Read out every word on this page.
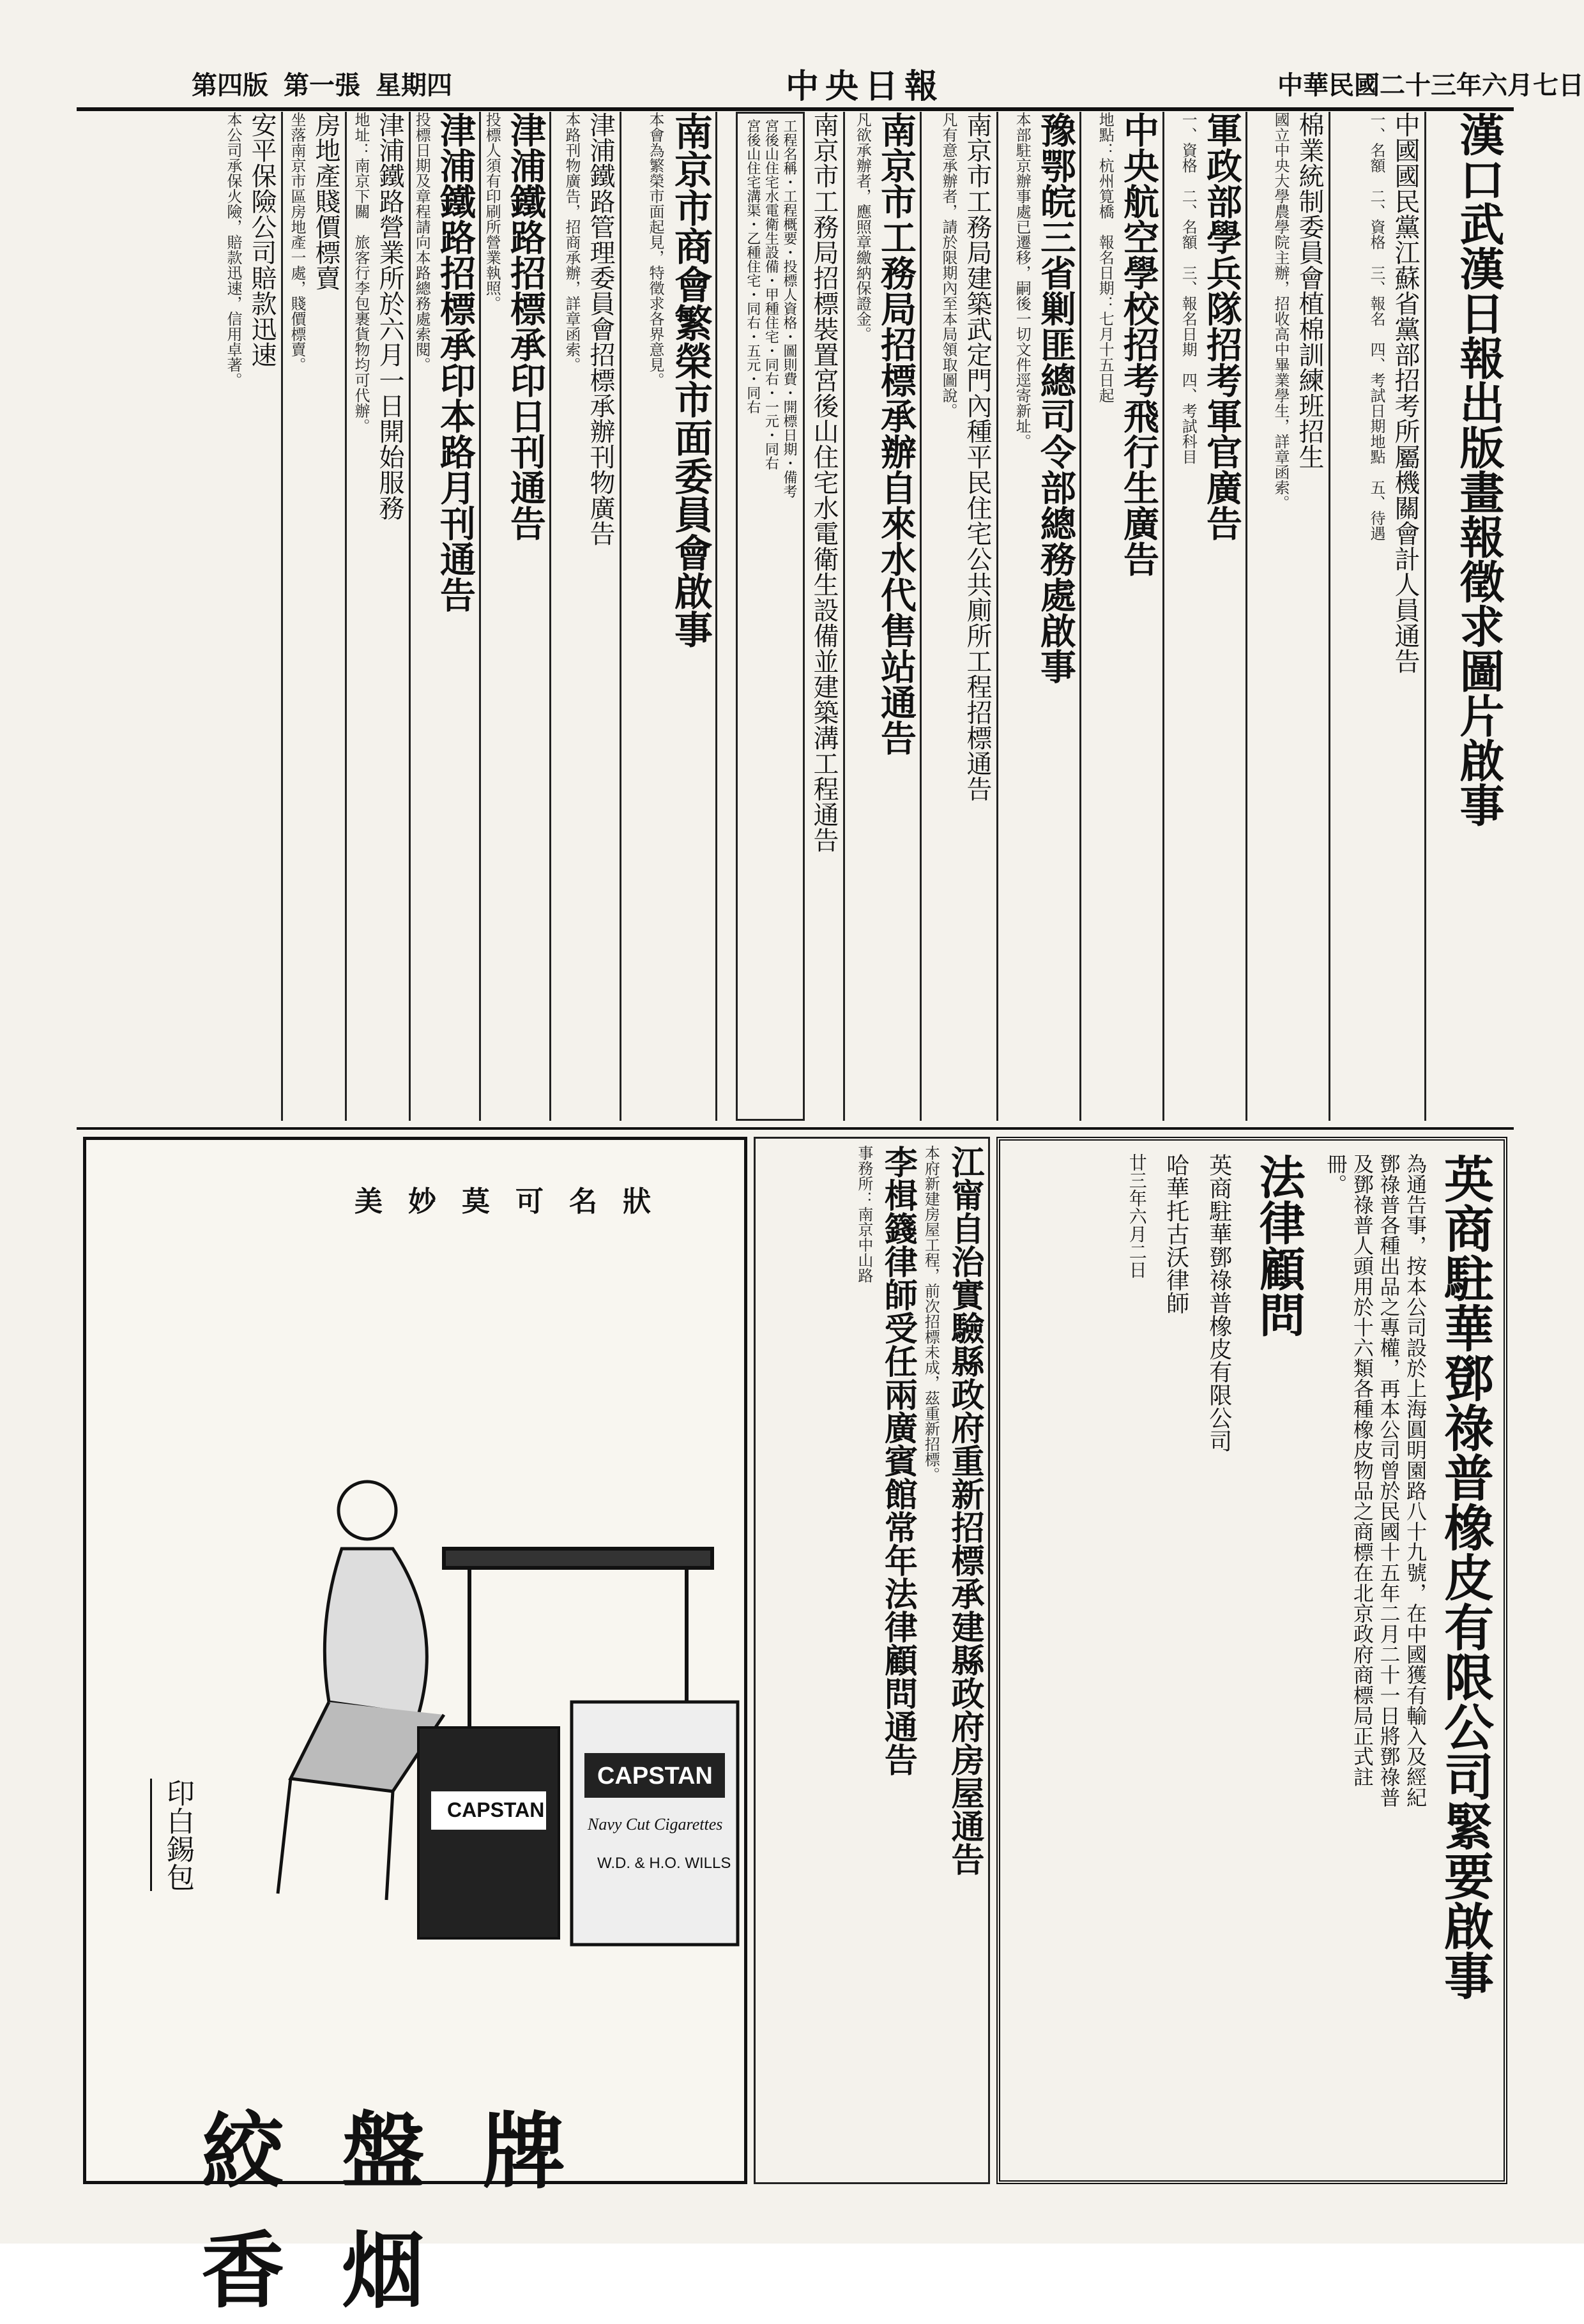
第四版 第一張 星期四	中央日報	中華民國二十三年六月七日
漢口武漢日報出版畫報徵求圖片啟事
中國國民黨江蘇省黨部招考所屬機關會計人員通告
一、名額　二、資格　三、報名　四、考試日期地點　五、待遇
棉業統制委員會植棉訓練班招生
國立中央大學農學院主辦，招收高中畢業學生，詳章函索。
軍政部學兵隊招考軍官廣告
一、資格　二、名額　三、報名日期　四、考試科目
中央航空學校招考飛行生廣告
地點：杭州筧橋　報名日期：七月十五日起
豫鄂皖三省剿匪總司令部總務處啟事
本部駐京辦事處已遷移，嗣後一切文件逕寄新址。
南京市工務局建築武定門內種平民住宅公共廁所工程招標通告
凡有意承辦者，請於限期內至本局領取圖說。
南京市工務局招標承辦自來水代售站通告
凡欲承辦者，應照章繳納保證金。
南京市工務局招標裝置宮後山住宅水電衛生設備並建築溝工程通告
工程名稱・工程概要・投標人資格・圖則費・開標日期・備考
宮後山住宅水電衛生設備・甲種住宅・同右・一元・同右
宮後山住宅溝渠・乙種住宅・同右・五元・同右
南京市商會繁榮市面委員會啟事
本會為繁榮市面起見，特徵求各界意見。
津浦鐵路管理委員會招標承辦刊物廣告
本路刊物廣告，招商承辦，詳章函索。
津浦鐵路招標承印日刊通告
投標人須有印刷所營業執照。
津浦鐵路招標承印本路月刊通告
投標日期及章程請向本路總務處索閱。
津浦鐵路營業所於六月一日開始服務
地址：南京下關　旅客行李包裹貨物均可代辦。
房地產賤價標賣
坐落南京市區房地產一處，賤價標賣。
安平保險公司賠款迅速
本公司承保火險，賠款迅速，信用卓著。
美妙莫可名狀
CAPSTAN
CAPSTAN
Navy Cut Cigarettes
W.D. & H.O. WILLS
印白錫包
絞盤牌香烟
江甯自治實驗縣政府重新招標承建縣政府房屋通告
本府新建房屋工程，前次招標未成，茲重新招標。
李楫籛律師受任兩廣賓館常年法律顧問通告
事務所：南京中山路	英商駐華鄧祿普橡皮有限公司緊要啟事
為通告事，按本公司設於上海圓明園路八十九號，在中國獲有輸入及經紀鄧祿普各種出品之專權，再本公司曾於民國十五年二月二十一日將鄧祿普及鄧祿普人頭用於十六類各種橡皮物品之商標在北京政府商標局正式註冊。
法律顧問
英商駐華鄧祿普橡皮有限公司
哈華托古沃律師
廿三年六月二日
